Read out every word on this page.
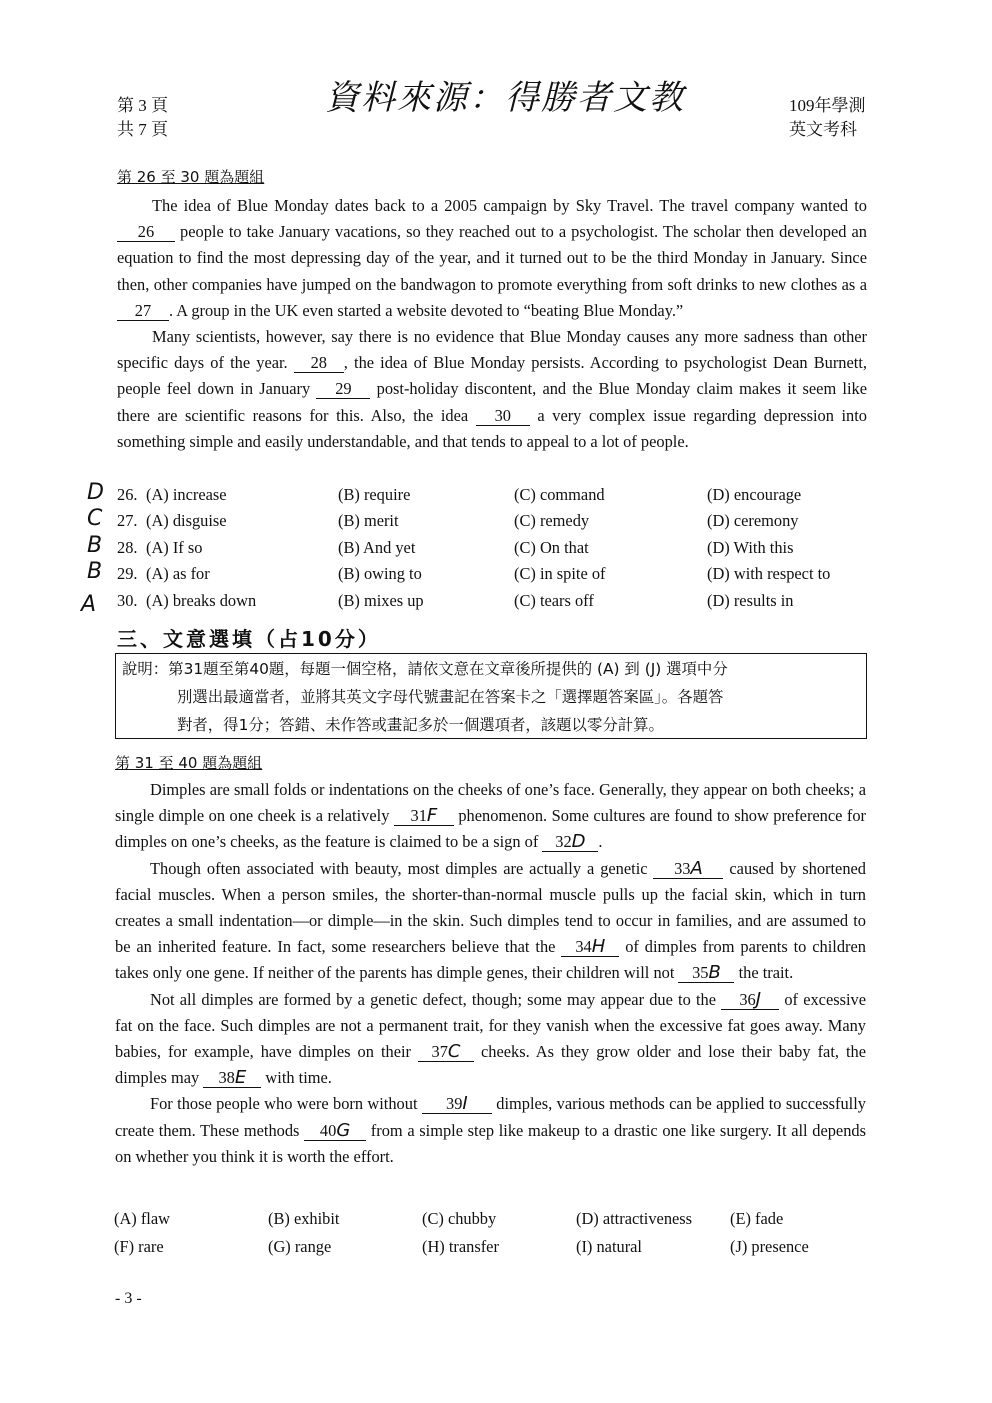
第 3 頁
共 7 頁
資料來源：得勝者文教	109年學測
英文考科
第 26 至 30 題為題組

The idea of Blue Monday dates back to a 2005 campaign by Sky Travel. The travel company wanted to 26 people to take January vacations, so they reached out to a psychologist. The scholar then developed an equation to find the most depressing day of the year, and it turned out to be the third Monday in January. Since then, other companies have jumped on the bandwagon to promote everything from soft drinks to new clothes as a 27 . A group in the UK even started a website devoted to “beating Blue Monday.”

Many scientists, however, say there is no evidence that Blue Monday causes any more sadness than other specific days of the year. 28 , the idea of Blue Monday persists. According to psychologist Dean Burnett, people feel down in January 29 post-holiday discontent, and the Blue Monday claim makes it seem like there are scientific reasons for this. Also, the idea 30 a very complex issue regarding depression into something simple and easily understandable, and that tends to appeal to a lot of people.

D 26. (A) increase	(B) require	(C) command	(D) encourage
C 27. (A) disguise	(B) merit	(C) remedy	(D) ceremony
B 28. (A) If so	(B) And yet	(C) On that	(D) With this
B 29. (A) as for	(B) owing to	(C) in spite of	(D) with respect to
A 30. (A) breaks down	(B) mixes up	(C) tears off	(D) results in
三、文意選填（占10分）
說明：第31題至第40題，每題一個空格，請依文意在文章後所提供的 (A) 到 (J) 選項中分
別選出最適當者，並將其英文字母代號畫記在答案卡之「選擇題答案區」。各題答
對者，得1分；答錯、未作答或畫記多於一個選項者，該題以零分計算。
第 31 至 40 題為題組

Dimples are small folds or indentations on the cheeks of one’s face. Generally, they appear on both cheeks; a single dimple on one cheek is a relatively 31F phenomenon. Some cultures are found to show preference for dimples on one’s cheeks, as the feature is claimed to be a sign of 32D .

Though often associated with beauty, most dimples are actually a genetic 33A caused by shortened facial muscles. When a person smiles, the shorter-than-normal muscle pulls up the facial skin, which in turn creates a small indentation—or dimple—in the skin. Such dimples tend to occur in families, and are assumed to be an inherited feature. In fact, some researchers believe that the 34H of dimples from parents to children takes only one gene. If neither of the parents has dimple genes, their children will not 35B the trait.

Not all dimples are formed by a genetic defect, though; some may appear due to the 36J of excessive fat on the face. Such dimples are not a permanent trait, for they vanish when the excessive fat goes away. Many babies, for example, have dimples on their 37C cheeks. As they grow older and lose their baby fat, the dimples may 38E with time.

For those people who were born without 39I dimples, various methods can be applied to successfully create them. These methods 40G from a simple step like makeup to a drastic one like surgery. It all depends on whether you think it is worth the effort.

(A) flaw	(B) exhibit	(C) chubby	(D) attractiveness (E) fade
(F) rare	(G) range	(H) transfer	(I) natural	(J) presence
- 3 -
